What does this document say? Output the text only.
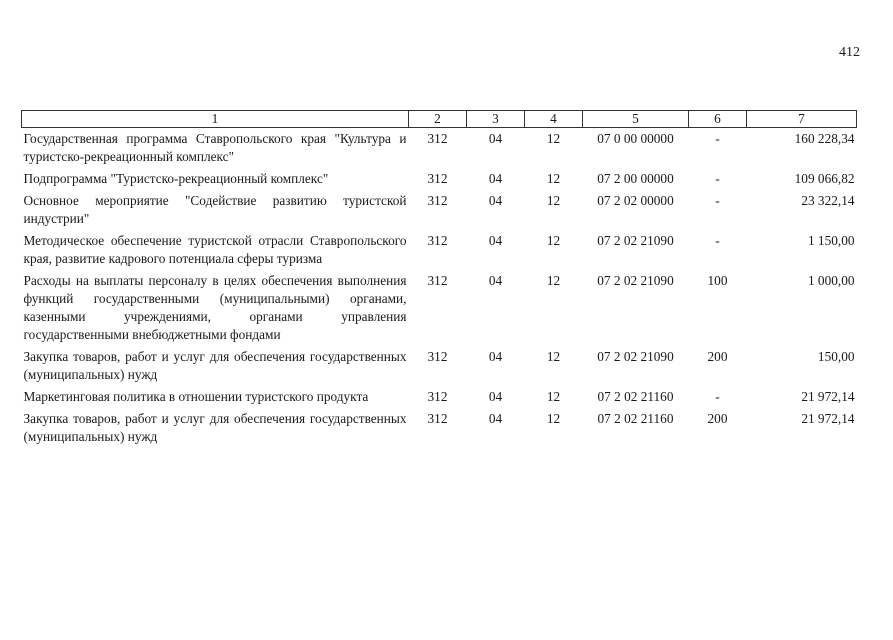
412
1	2	3	4	5	6	7
Государственная программа Ставропольского края "Культура и туристско-рекреационный комплекс"	312	04	12	07 0 00 00000	-	160 228,34
Подпрограмма "Туристско-рекреационный комплекс"	312	04	12	07 2 00 00000	-	109 066,82
Основное мероприятие "Содействие развитию туристской индустрии"	312	04	12	07 2 02 00000	-	23 322,14
Методическое обеспечение туристской отрасли Ставропольского края, развитие кадрового потенциала сферы туризма	312	04	12	07 2 02 21090	-	1 150,00
Расходы на выплаты персоналу в целях обеспечения выполнения функций государственными (муниципальными) органами, казенными учреждениями, органами управления государственными внебюджетными фондами	312	04	12	07 2 02 21090	100	1 000,00
Закупка товаров, работ и услуг для обеспечения государственных (муниципальных) нужд	312	04	12	07 2 02 21090	200	150,00
Маркетинговая политика в отношении туристского продукта	312	04	12	07 2 02 21160	-	21 972,14
Закупка товаров, работ и услуг для обеспечения государственных (муниципальных) нужд	312	04	12	07 2 02 21160	200	21 972,14
